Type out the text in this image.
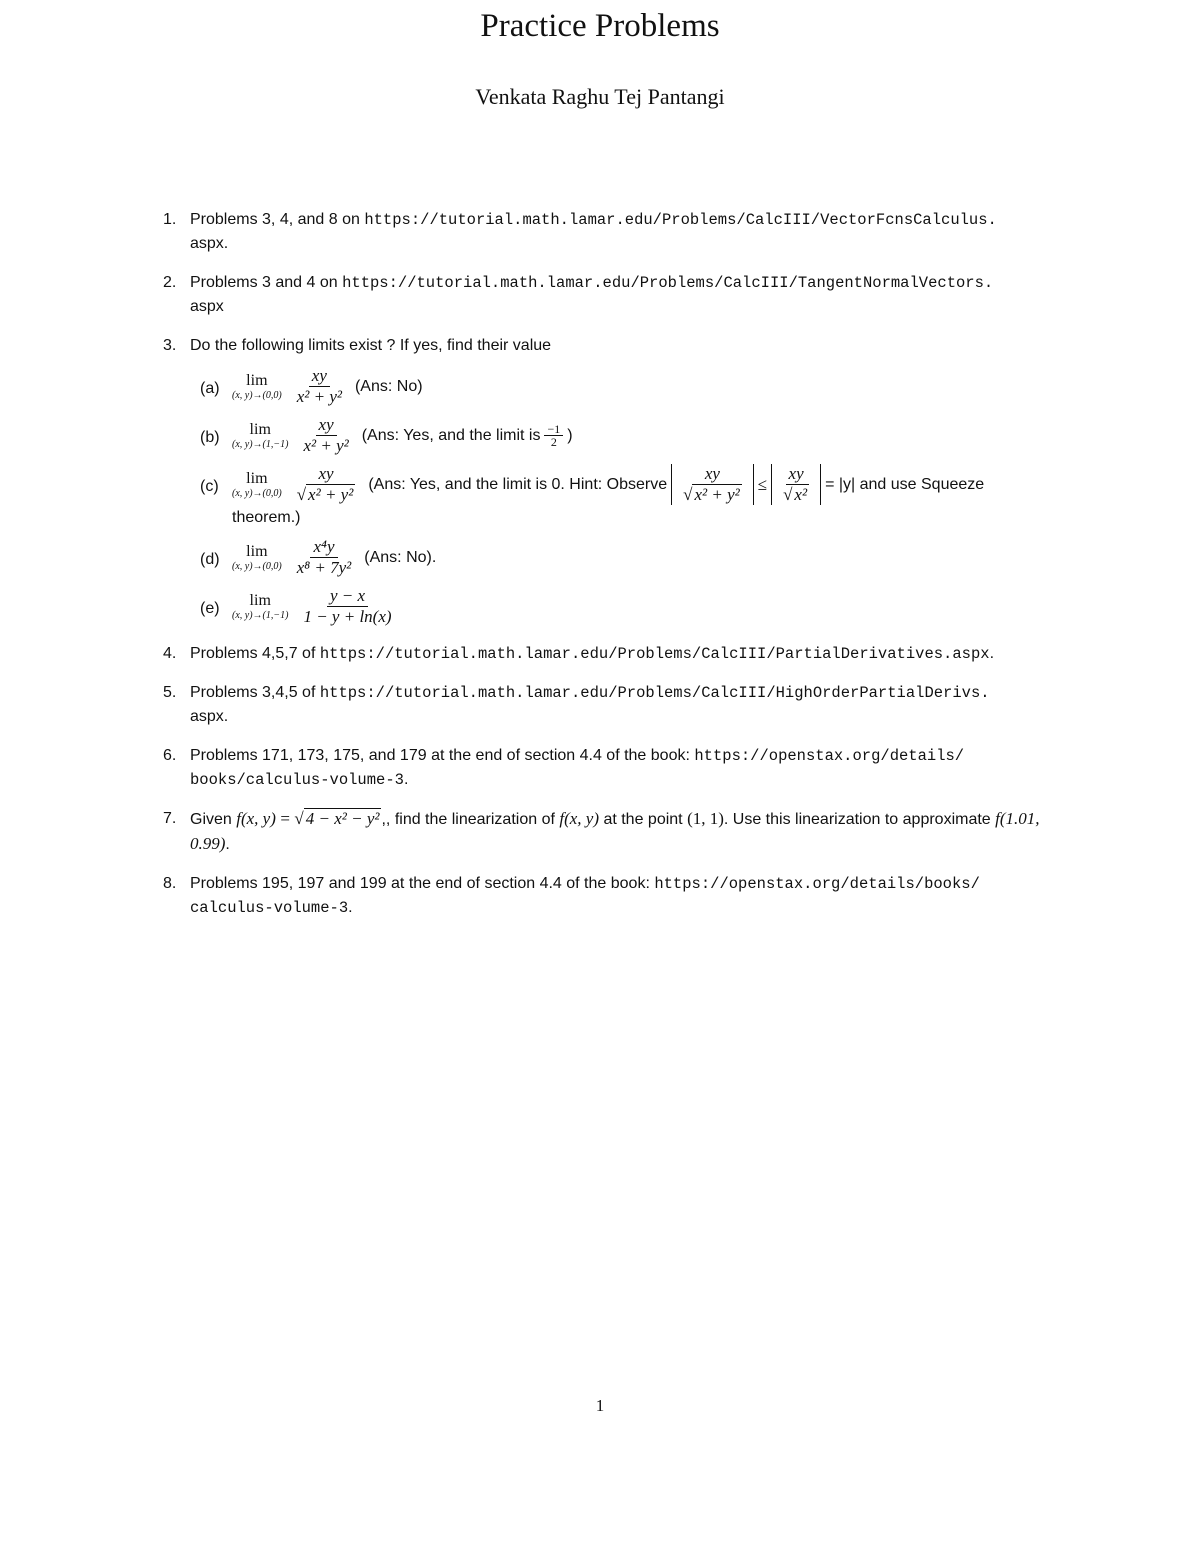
Practice Problems
Venkata Raghu Tej Pantangi
1. Problems 3, 4, and 8 on https://tutorial.math.lamar.edu/Problems/CalcIII/VectorFcnsCalculus.
aspx.
2. Problems 3 and 4 on https://tutorial.math.lamar.edu/Problems/CalcIII/TangentNormalVectors.
aspx
3. Do the following limits exist ? If yes, find their value
(a) lim
(x, $y)\to(0,0) \frac{xy}{\text{x² + y²}} (Ans$: No)
(b) lim
(x, $y)\to(1,-1) \frac{xy}{\text{x² + y²}} (Ans$: Yes, and the limit is $\frac{-1}{2}$ )
(c) lim
(x, $y)\to(0,0) \frac{xy}{\text{√ x² + y²}} (Ans$: Yes, and the limit is 0. Hint: Observe $\frac{xy}{\text{√ x² + y²}} \le \frac{xy}{\text{√ x²}} = |y|$ and use Squeeze
theorem.)
(d) lim
(x, $y)\to(0,0) \frac{\text{x⁴y}}{\text{x⁸ + 7y²}} (Ans$: No).
(e) lim
(x, $y)\to(1,-1) \frac{y - x}{1 - y + \ln(x)}$
4. Problems 4,5,7 of https://tutorial.math.lamar.edu/Problems/CalcIII/PartialDerivatives.aspx.
5. Problems 3,4,5 of https://tutorial.math.lamar.edu/Problems/CalcIII/HighOrderPartialDerivs.
aspx.
6. Problems 171, 173, 175, and 179 at the end of section 4.4 of the book: https://openstax.org/details/
books/calculus-volume-3.
7. Given f(x, y) = √ 4 − x² − y² ,, find the linearization of f(x, y) at the point (1, 1). Use this linearization to approximate f(1.01, 0.99).
8. Problems 195, 197 and 199 at the end of section 4.4 of the book: https://openstax.org/details/books/
calculus-volume-3.
1
